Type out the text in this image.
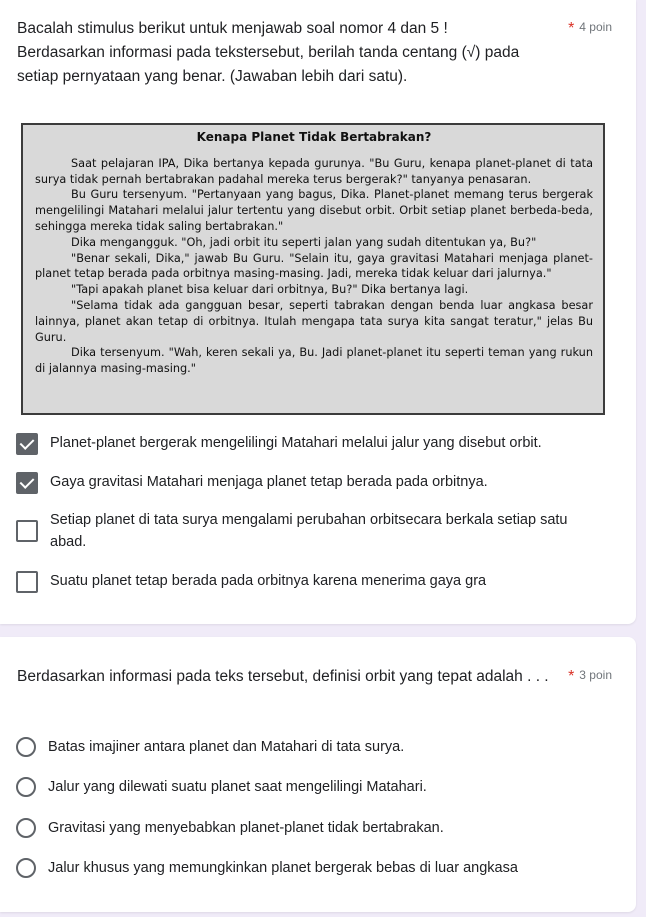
Bacalah stimulus berikut untuk menjawab soal nomor 4 dan 5 !

Berdasarkan informasi pada tekstersebut, berilah tanda centang (√) pada setiap pernyataan yang benar. (Jawaban lebih dari satu).

* 4 poin
Kenapa Planet Tidak Bertabrakan?

Saat pelajaran IPA, Dika bertanya kepada gurunya. "Bu Guru, kenapa planet-planet di tata surya tidak pernah bertabrakan padahal mereka terus bergerak?" tanyanya penasaran.

Bu Guru tersenyum. "Pertanyaan yang bagus, Dika. Planet-planet memang terus bergerak mengelilingi Matahari melalui jalur tertentu yang disebut orbit. Orbit setiap planet berbeda-beda, sehingga mereka tidak saling bertabrakan."

Dika mengangguk. "Oh, jadi orbit itu seperti jalan yang sudah ditentukan ya, Bu?"

"Benar sekali, Dika," jawab Bu Guru. "Selain itu, gaya gravitasi Matahari menjaga planet-planet tetap berada pada orbitnya masing-masing. Jadi, mereka tidak keluar dari jalurnya."

"Tapi apakah planet bisa keluar dari orbitnya, Bu?" Dika bertanya lagi.

"Selama tidak ada gangguan besar, seperti tabrakan dengan benda luar angkasa besar lainnya, planet akan tetap di orbitnya. Itulah mengapa tata surya kita sangat teratur," jelas Bu Guru.

Dika tersenyum. "Wah, keren sekali ya, Bu. Jadi planet-planet itu seperti teman yang rukun di jalannya masing-masing."

Planet-planet bergerak mengelilingi Matahari melalui jalur yang disebut orbit.
Gaya gravitasi Matahari menjaga planet tetap berada pada orbitnya.
Setiap planet di tata surya mengalami perubahan orbitsecara berkala setiap satu abad.
Suatu planet tetap berada pada orbitnya karena menerima gaya gra
Berdasarkan informasi pada teks tersebut, definisi orbit yang tepat adalah . . .	* 3 poin
Batas imajiner antara planet dan Matahari di tata surya.
Jalur yang dilewati suatu planet saat mengelilingi Matahari.
Gravitasi yang menyebabkan planet-planet tidak bertabrakan.
Jalur khusus yang memungkinkan planet bergerak bebas di luar angkasa
